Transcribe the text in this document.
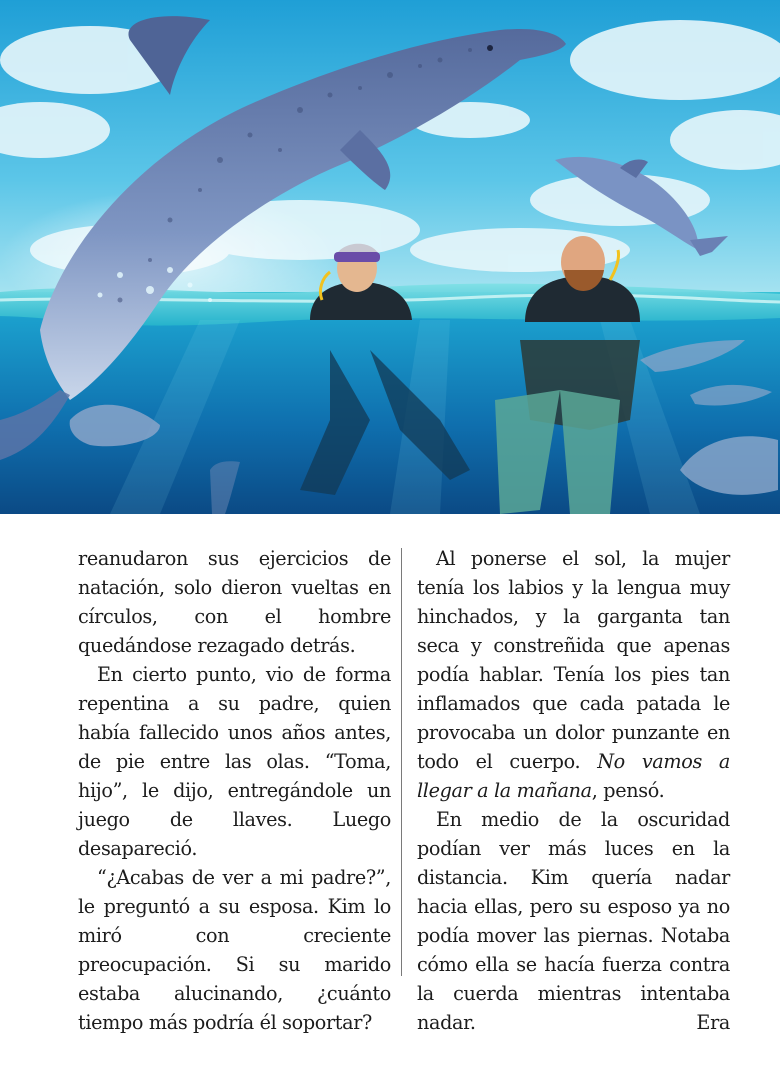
reanudaron sus ejercicios de natación, solo dieron vueltas en círculos, con el hombre quedándose rezagado detrás.

En cierto punto, vio de forma repentina a su padre, quien había fallecido unos años antes, de pie entre las olas. “Toma, hijo”, le dijo, entregándole un juego de llaves. Luego desapareció.

“¿Acabas de ver a mi padre?”, le preguntó a su esposa. Kim lo miró con creciente preocupación. Si su marido estaba alucinando, ¿cuánto tiempo más podría él soportar?

Al ponerse el sol, la mujer tenía los labios y la lengua muy hinchados, y la garganta tan seca y constreñida que apenas podía hablar. Tenía los pies tan inflamados que cada patada le provocaba un dolor punzante en todo el cuerpo. No vamos a llegar a la mañana, pensó.

En medio de la oscuridad podían ver más luces en la distancia. Kim quería nadar hacia ellas, pero su esposo ya no podía mover las piernas. Notaba cómo ella se hacía fuerza contra la cuerda mientras intentaba nadar. Era
